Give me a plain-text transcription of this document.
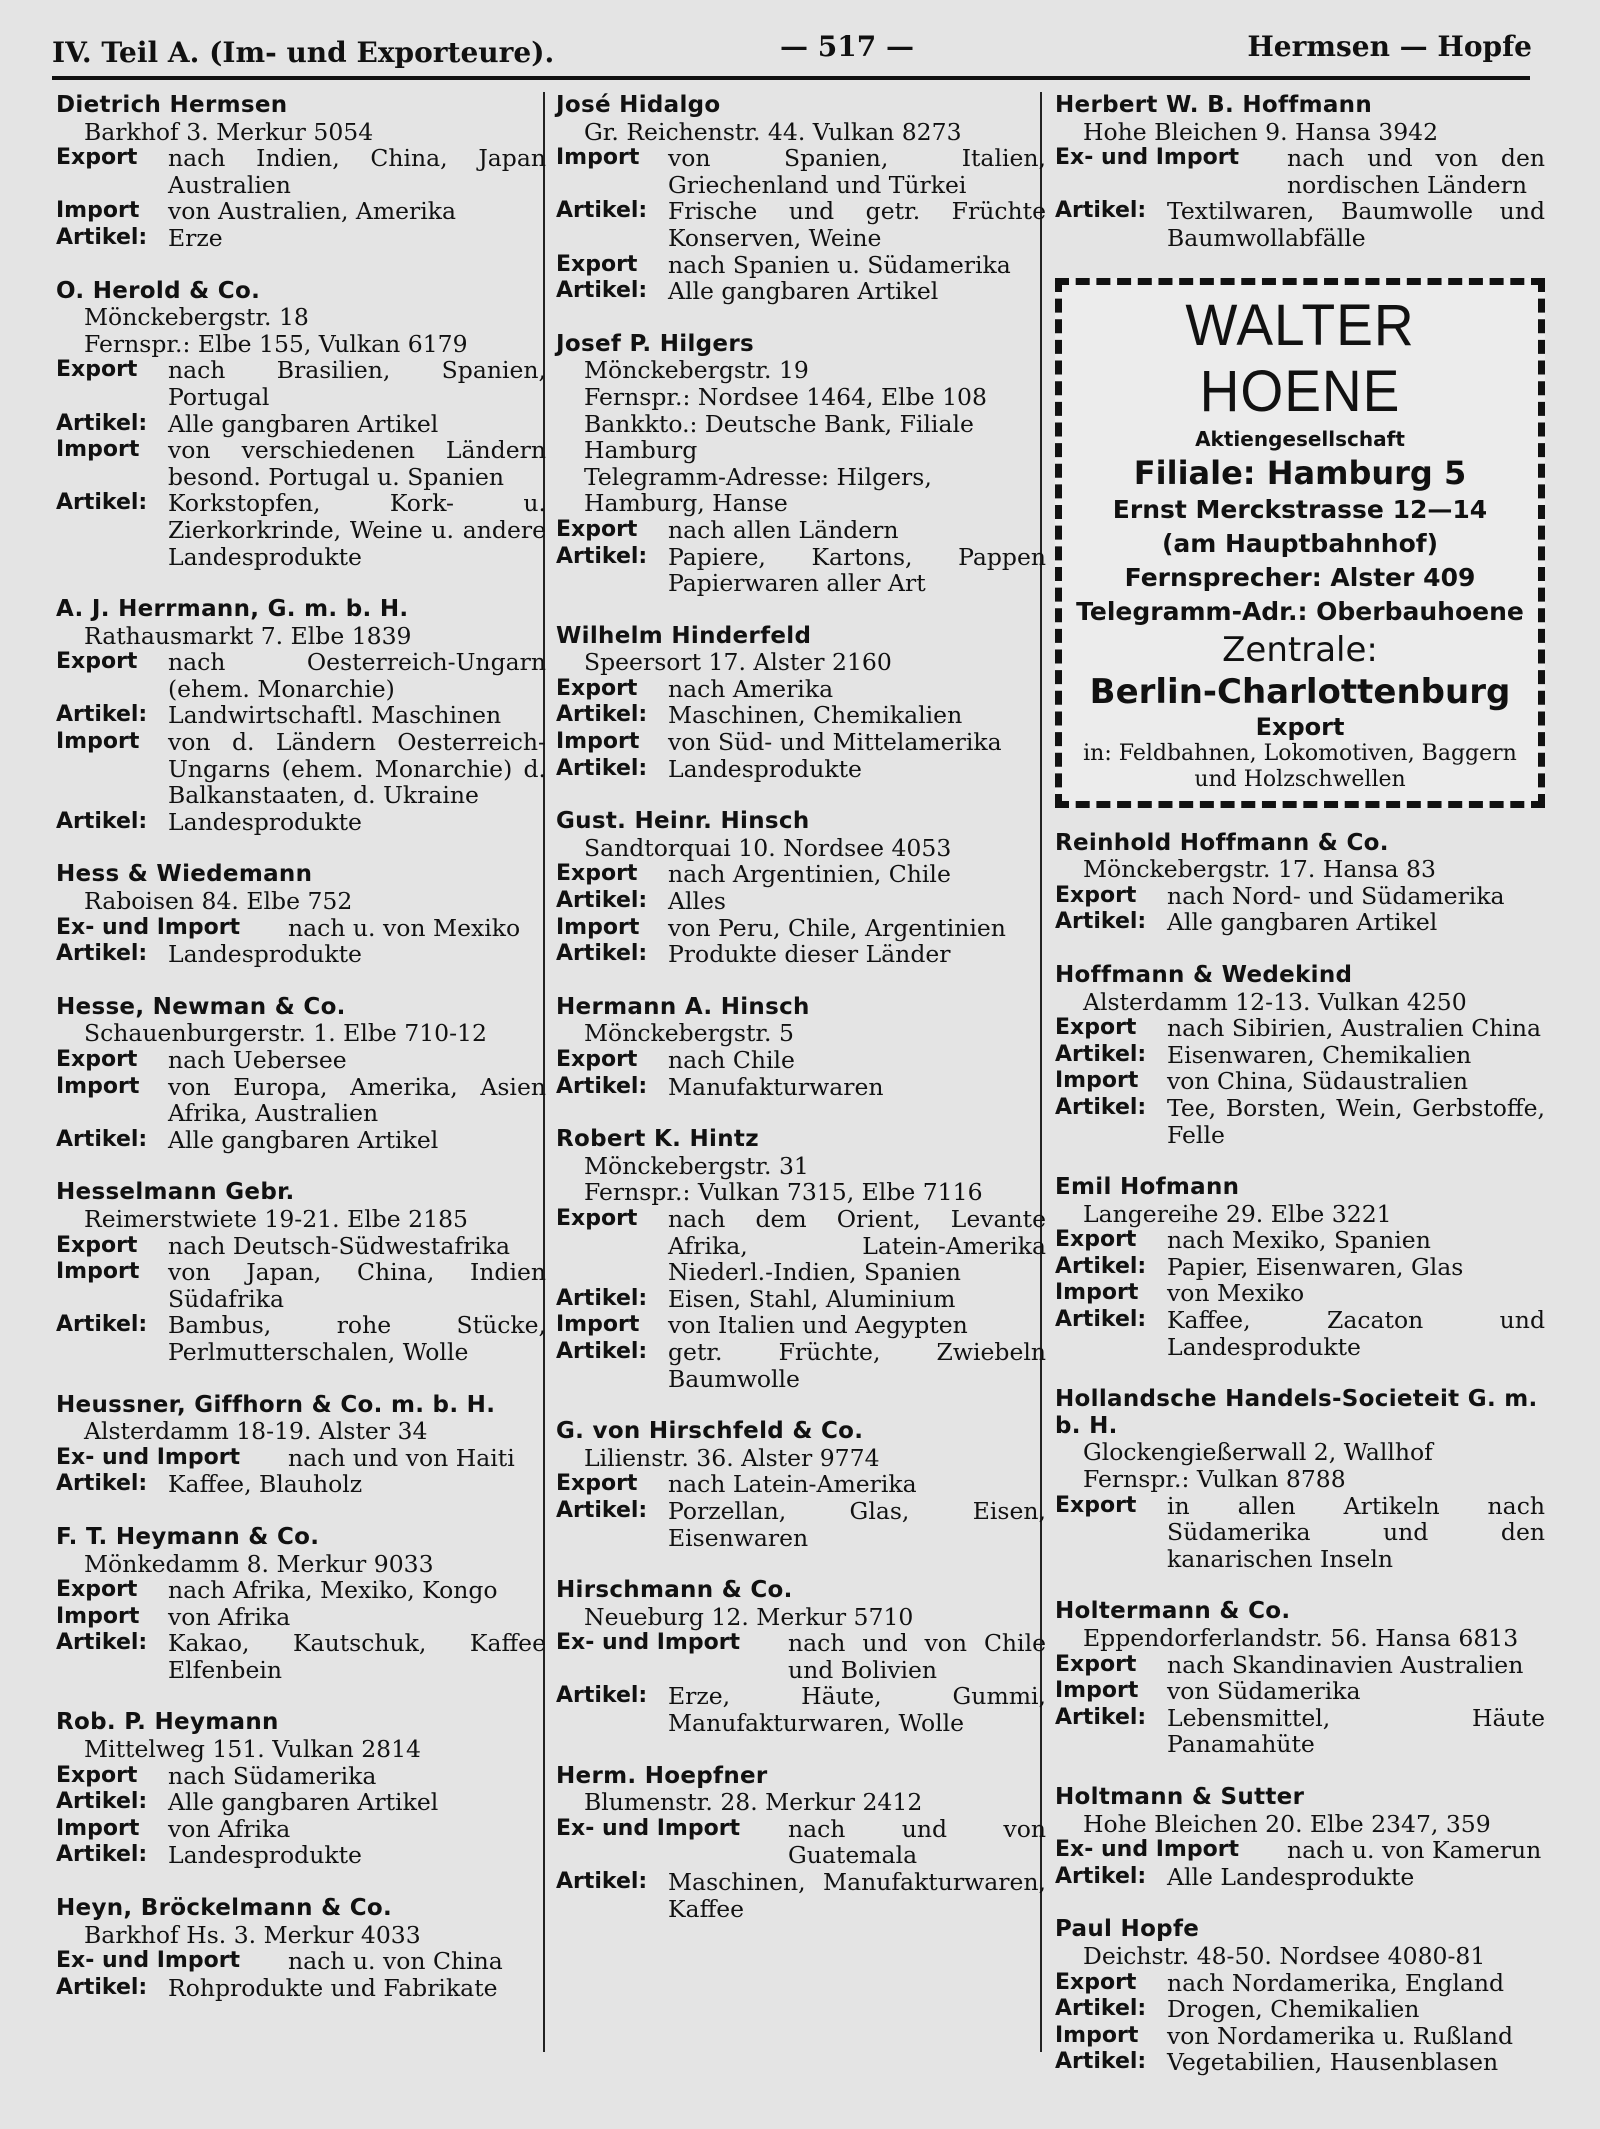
IV. Teil A. (Im- und Exporteure).	— 517 —	Hermsen — Hopfe
Dietrich Hermsen
Barkhof 3. Merkur 5054
Export	nach Indien, China, Japan Australien
Import	von Australien, Amerika
Artikel: Erze
O. Herold & Co.
Mönckebergstr. 18
Fernspr.: Elbe 155, Vulkan 6179
Export	nach Brasilien, Spanien, Portugal
Artikel: Alle gangbaren Artikel
Import	von verschiedenen Ländern besond. Portugal u. Spanien
Artikel: Korkstopfen, Kork- u. Zierkorkrinde, Weine u. andere Landesprodukte
A. J. Herrmann, G. m. b. H.
Rathausmarkt 7. Elbe 1839
Export	nach Oesterreich-Ungarn (ehem. Monarchie)
Artikel: Landwirtschaftl. Maschinen
Import	von d. Ländern Oesterreich-Ungarns (ehem. Monarchie) d. Balkanstaaten, d. Ukraine
Artikel: Landesprodukte
Hess & Wiedemann
Raboisen 84. Elbe 752
Ex- und Import	nach u. von Mexiko
Artikel: Landesprodukte
Hesse, Newman & Co.
Schauenburgerstr. 1. Elbe 710-12
Export	nach Uebersee
Import	von Europa, Amerika, Asien Afrika, Australien
Artikel: Alle gangbaren Artikel
Hesselmann Gebr.
Reimerstwiete 19-21. Elbe 2185
Export	nach Deutsch-Südwestafrika
Import	von Japan, China, Indien Südafrika
Artikel: Bambus, rohe Stücke, Perlmutterschalen, Wolle
Heussner, Giffhorn & Co. m. b. H.
Alsterdamm 18-19. Alster 34
Ex- und Import	nach und von Haiti
Artikel: Kaffee, Blauholz
F. T. Heymann & Co.
Mönkedamm 8. Merkur 9033
Export	nach Afrika, Mexiko, Kongo
Import	von Afrika
Artikel: Kakao, Kautschuk, Kaffee Elfenbein
Rob. P. Heymann
Mittelweg 151. Vulkan 2814
Export	nach Südamerika
Artikel: Alle gangbaren Artikel
Import	von Afrika
Artikel: Landesprodukte
Heyn, Bröckelmann & Co.
Barkhof Hs. 3. Merkur 4033
Ex- und Import	nach u. von China
Artikel: Rohprodukte und Fabrikate
José Hidalgo
Gr. Reichenstr. 44. Vulkan 8273
Import	von Spanien, Italien, Griechenland und Türkei
Artikel: Frische und getr. Früchte Konserven, Weine
Export	nach Spanien u. Südamerika
Artikel: Alle gangbaren Artikel
Josef P. Hilgers
Mönckebergstr. 19
Fernspr.: Nordsee 1464, Elbe 108
Bankkto.: Deutsche Bank, Filiale Hamburg
Telegramm-Adresse: Hilgers, Hamburg, Hanse
Export	nach allen Ländern
Artikel: Papiere, Kartons, Pappen Papierwaren aller Art
Wilhelm Hinderfeld
Speersort 17. Alster 2160
Export	nach Amerika
Artikel: Maschinen, Chemikalien
Import	von Süd- und Mittelamerika
Artikel: Landesprodukte
Gust. Heinr. Hinsch
Sandtorquai 10. Nordsee 4053
Export	nach Argentinien, Chile
Artikel: Alles
Import	von Peru, Chile, Argentinien
Artikel: Produkte dieser Länder
Hermann A. Hinsch
Mönckebergstr. 5
Export	nach Chile
Artikel: Manufakturwaren
Robert K. Hintz
Mönckebergstr. 31
Fernspr.: Vulkan 7315, Elbe 7116
Export	nach dem Orient, Levante Afrika, Latein-Amerika Niederl.-Indien, Spanien
Artikel: Eisen, Stahl, Aluminium
Import	von Italien und Aegypten
Artikel: getr. Früchte, Zwiebeln Baumwolle
G. von Hirschfeld & Co.
Lilienstr. 36. Alster 9774
Export	nach Latein-Amerika
Artikel: Porzellan, Glas, Eisen, Eisenwaren
Hirschmann & Co.
Neueburg 12. Merkur 5710
Ex- und Import	nach und von Chile und Bolivien
Artikel: Erze, Häute, Gummi, Manufakturwaren, Wolle
Herm. Hoepfner
Blumenstr. 28. Merkur 2412
Ex- und Import	nach und von Guatemala
Artikel: Maschinen, Manufakturwaren, Kaffee
Herbert W. B. Hoffmann
Hohe Bleichen 9. Hansa 3942
Ex- und Import	nach und von den nordischen Ländern
Artikel: Textilwaren, Baumwolle und Baumwollabfälle
WALTER HOENE
Aktiengesellschaft
Filiale: Hamburg 5
Ernst Merckstrasse 12—14
(am Hauptbahnhof)
Fernsprecher: Alster 409
Telegramm-Adr.: Oberbauhoene
Zentrale:
Berlin-Charlottenburg
Export
in: Feldbahnen, Lokomotiven, Baggern und Holzschwellen
Reinhold Hoffmann & Co.
Mönckebergstr. 17. Hansa 83
Export	nach Nord- und Südamerika
Artikel: Alle gangbaren Artikel
Hoffmann & Wedekind
Alsterdamm 12-13. Vulkan 4250
Export	nach Sibirien, Australien China
Artikel: Eisenwaren, Chemikalien
Import	von China, Südaustralien
Artikel: Tee, Borsten, Wein, Gerbstoffe, Felle
Emil Hofmann
Langereihe 29. Elbe 3221
Export	nach Mexiko, Spanien
Artikel: Papier, Eisenwaren, Glas
Import	von Mexiko
Artikel: Kaffee, Zacaton und Landesprodukte
Hollandsche Handels-Societeit G. m. b. H.
Glockengießerwall 2, Wallhof
Fernspr.: Vulkan 8788
Export	in allen Artikeln nach Südamerika und den kanarischen Inseln
Holtermann & Co.
Eppendorferlandstr. 56. Hansa 6813
Export	nach Skandinavien Australien
Import	von Südamerika
Artikel: Lebensmittel, Häute Panamahüte
Holtmann & Sutter
Hohe Bleichen 20. Elbe 2347, 359
Ex- und Import	nach u. von Kamerun
Artikel: Alle Landesprodukte
Paul Hopfe
Deichstr. 48-50. Nordsee 4080-81
Export	nach Nordamerika, England
Artikel: Drogen, Chemikalien
Import	von Nordamerika u. Rußland
Artikel: Vegetabilien, Hausenblasen
